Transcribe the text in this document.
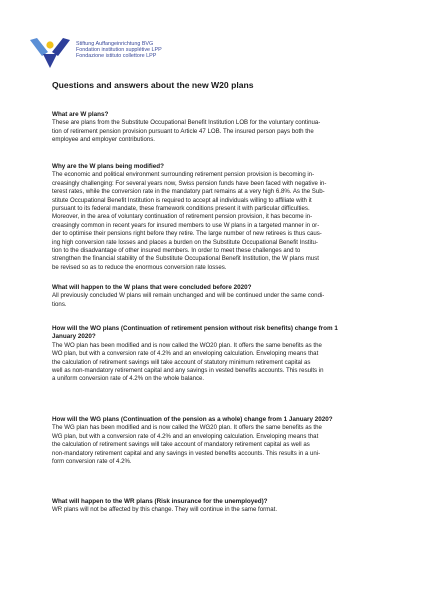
Stiftung Auffangeinrichtung BVG
Fondation institution supplétive LPP
Fondazione istituto collettore LPP
Questions and answers about the new W20 plans
What are W plans?
These are plans from the Substitute Occupational Benefit Institution LOB for the voluntary continua-
tion of retirement pension provision pursuant to Article 47 LOB. The insured person pays both the
employee and employer contributions.
Why are the W plans being modified?
The economic and political environment surrounding retirement pension provision is becoming in-
creasingly challenging: For several years now, Swiss pension funds have been faced with negative in-
terest rates, while the conversion rate in the mandatory part remains at a very high 6.8%. As the Sub-
stitute Occupational Benefit Institution is required to accept all individuals willing to affiliate with it
pursuant to its federal mandate, these framework conditions present it with particular difficulties.
Moreover, in the area of voluntary continuation of retirement pension provision, it has become in-
creasingly common in recent years for insured members to use W plans in a targeted manner in or-
der to optimise their pensions right before they retire. The large number of new retirees is thus caus-
ing high conversion rate losses and places a burden on the Substitute Occupational Benefit Institu-
tion to the disadvantage of other insured members. In order to meet these challenges and to
strengthen the financial stability of the Substitute Occupational Benefit Institution, the W plans must
be revised so as to reduce the enormous conversion rate losses.
What will happen to the W plans that were concluded before 2020?
All previously concluded W plans will remain unchanged and will be continued under the same condi-
tions.
How will the WO plans (Continuation of retirement pension without risk benefits) change from 1
January 2020?
The WO plan has been modified and is now called the WO20 plan. It offers the same benefits as the
WO plan, but with a conversion rate of 4.2% and an enveloping calculation. Enveloping means that
the calculation of retirement savings will take account of statutory minimum retirement capital as
well as non-mandatory retirement capital and any savings in vested benefits accounts. This results in
a uniform conversion rate of 4.2% on the whole balance.
How will the WG plans (Continuation of the pension as a whole) change from 1 January 2020?
The WG plan has been modified and is now called the WG20 plan. It offers the same benefits as the
WG plan, but with a conversion rate of 4.2% and an enveloping calculation. Enveloping means that
the calculation of retirement savings will take account of mandatory retirement capital as well as
non-mandatory retirement capital and any savings in vested benefits accounts. This results in a uni-
form conversion rate of 4.2%.
What will happen to the WR plans (Risk insurance for the unemployed)?
WR plans will not be affected by this change. They will continue in the same format.
